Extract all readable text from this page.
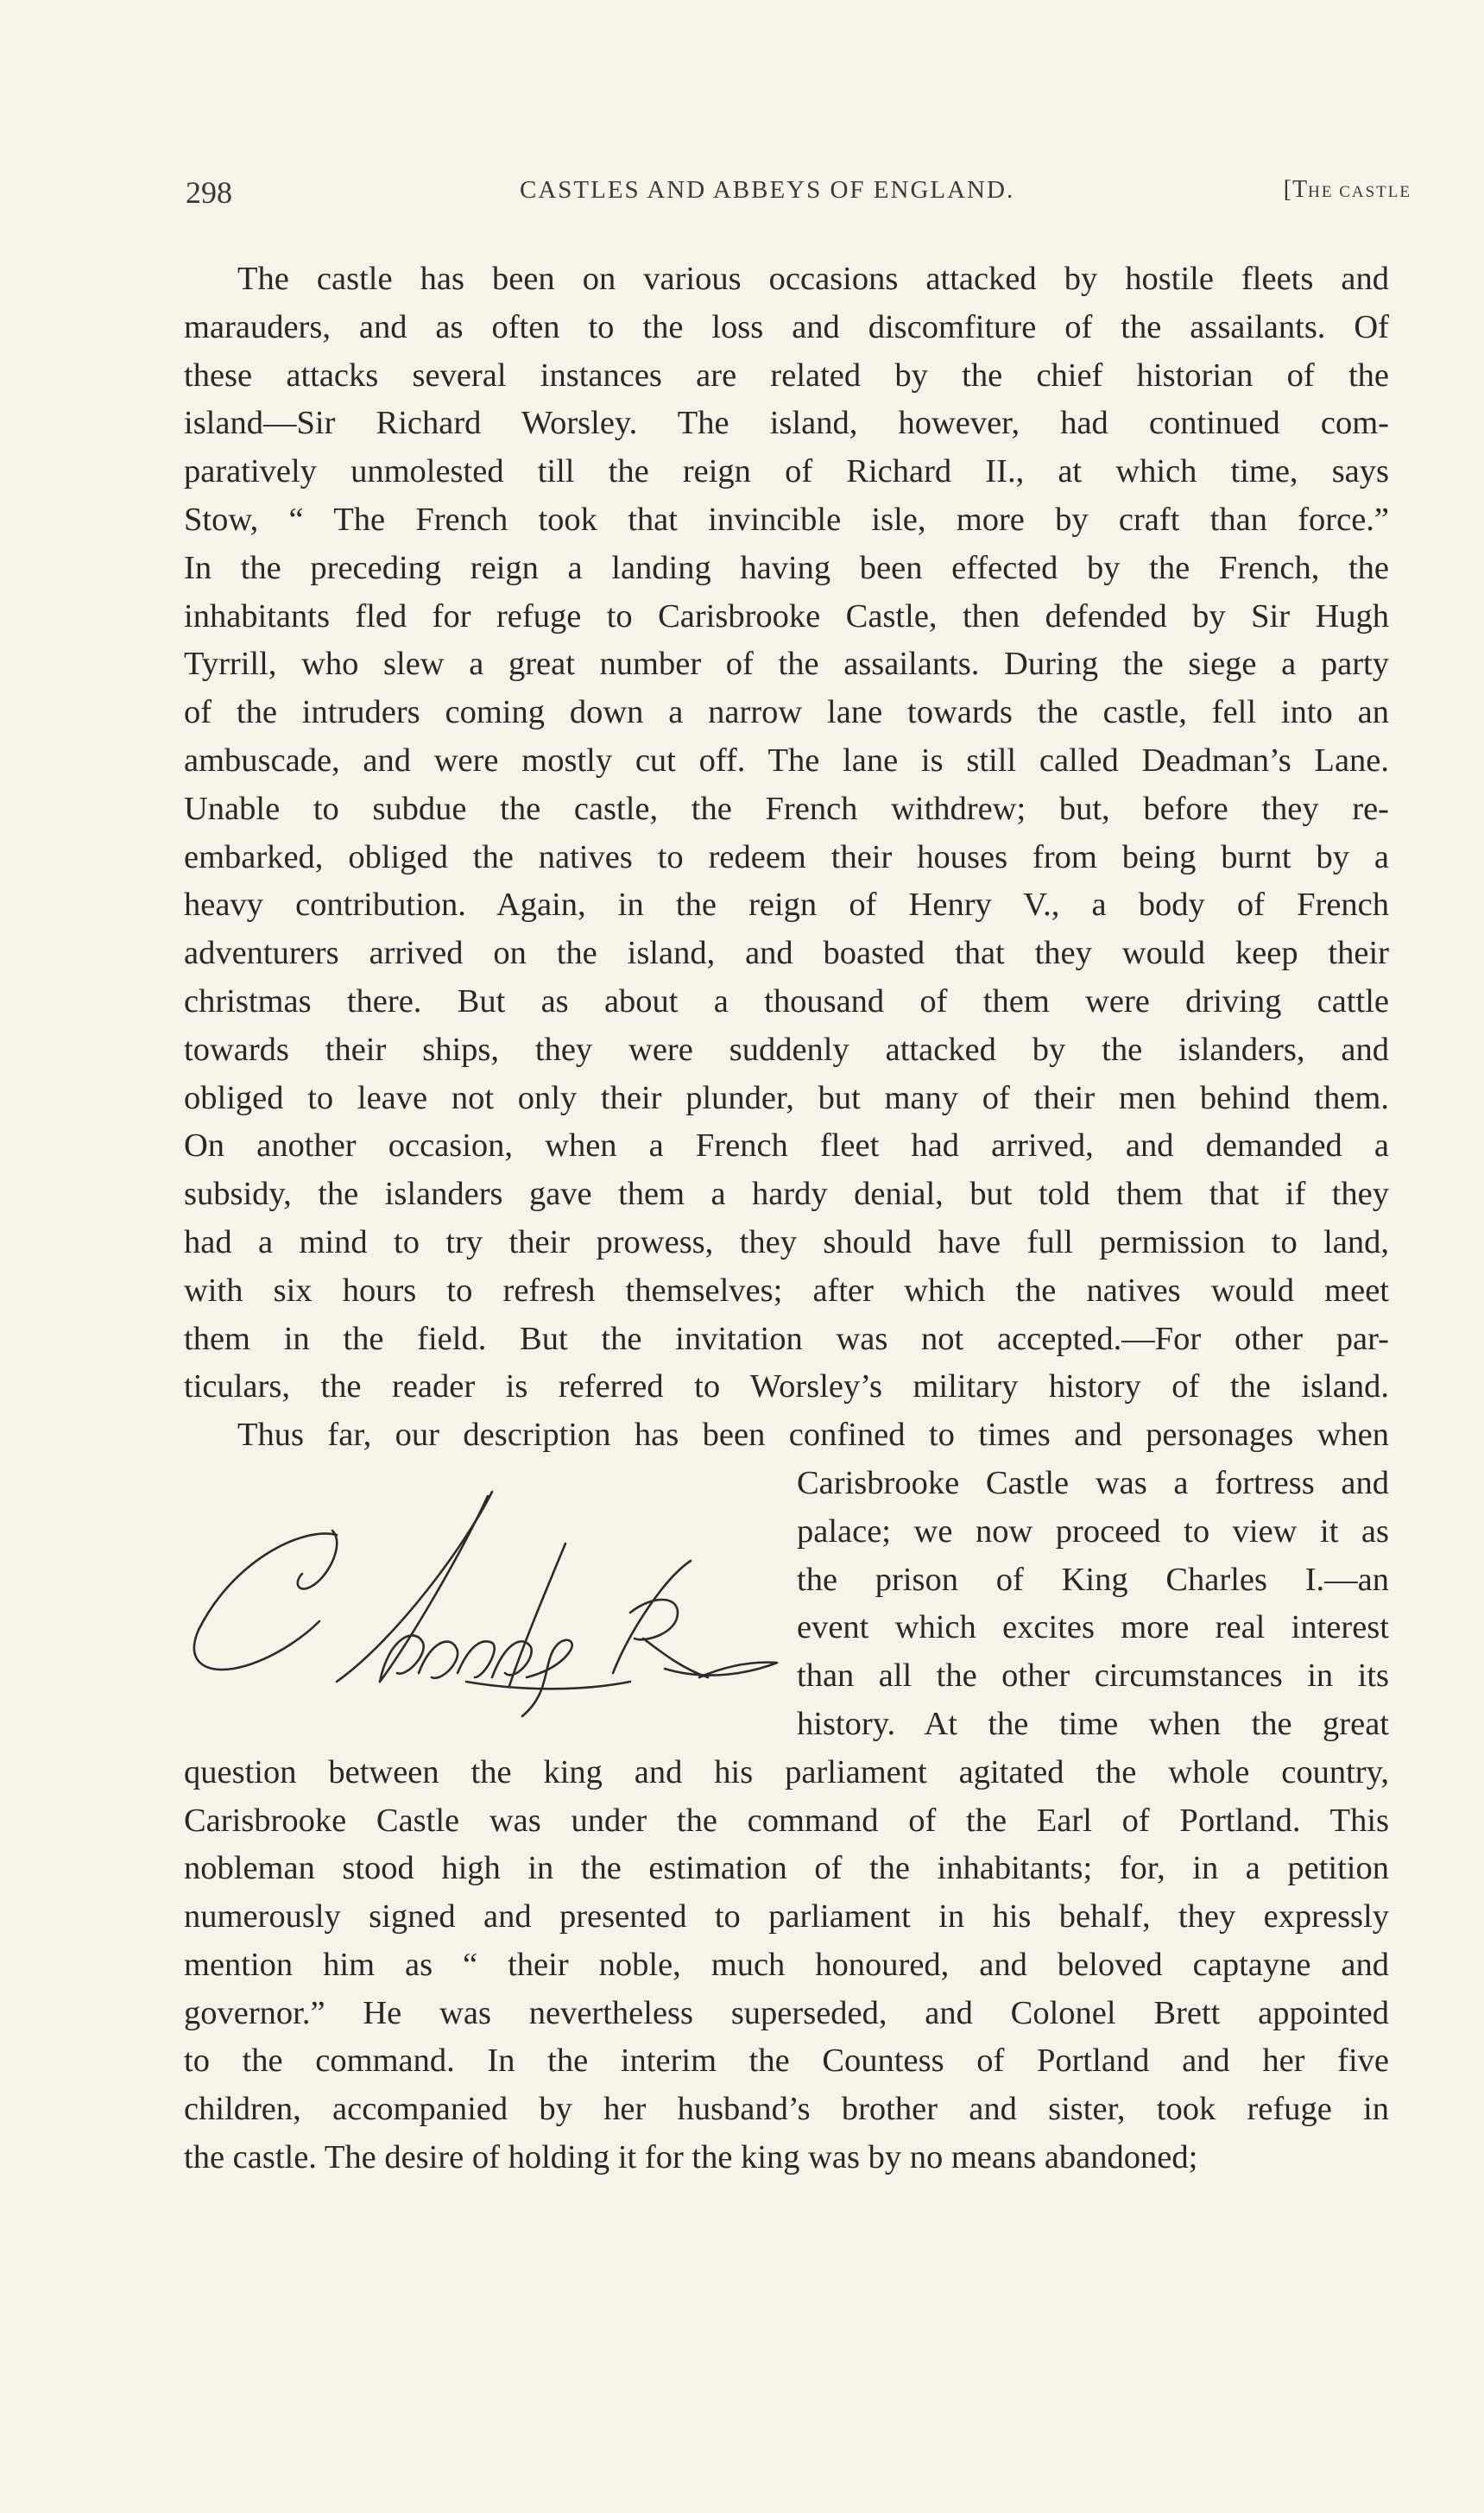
298	CASTLES AND ABBEYS OF ENGLAND.	[THE CASTLE
The castle has been on various occasions attacked by hostile fleets and
marauders, and as often to the loss and discomfiture of the assailants. Of
these attacks several instances are related by the chief historian of the
island—Sir Richard Worsley. The island, however, had continued com-
paratively unmolested till the reign of Richard II., at which time, says
Stow, “ The French took that invincible isle, more by craft than force.”
In the preceding reign a landing having been effected by the French, the
inhabitants fled for refuge to Carisbrooke Castle, then defended by Sir Hugh
Tyrrill, who slew a great number of the assailants. During the siege a party
of the intruders coming down a narrow lane towards the castle, fell into an
ambuscade, and were mostly cut off. The lane is still called Deadman’s Lane.
Unable to subdue the castle, the French withdrew; but, before they re-
embarked, obliged the natives to redeem their houses from being burnt by a
heavy contribution. Again, in the reign of Henry V., a body of French
adventurers arrived on the island, and boasted that they would keep their
christmas there. But as about a thousand of them were driving cattle
towards their ships, they were suddenly attacked by the islanders, and
obliged to leave not only their plunder, but many of their men behind them.
On another occasion, when a French fleet had arrived, and demanded a
subsidy, the islanders gave them a hardy denial, but told them that if they
had a mind to try their prowess, they should have full permission to land,
with six hours to refresh themselves; after which the natives would meet
them in the field. But the invitation was not accepted.—For other par-
ticulars, the reader is referred to Worsley’s military history of the island.
Thus far, our description has been confined to times and personages when
Carisbrooke Castle was a fortress and
palace; we now proceed to view it as
the prison of King Charles I.—an
event which excites more real interest
than all the other circumstances in its
history. At the time when the great
question between the king and his parliament agitated the whole country,
Carisbrooke Castle was under the command of the Earl of Portland. This
nobleman stood high in the estimation of the inhabitants; for, in a petition
numerously signed and presented to parliament in his behalf, they expressly
mention him as “ their noble, much honoured, and beloved captayne and
governor.” He was nevertheless superseded, and Colonel Brett appointed
to the command. In the interim the Countess of Portland and her five
children, accompanied by her husband’s brother and sister, took refuge in
the castle. The desire of holding it for the king was by no means abandoned;
